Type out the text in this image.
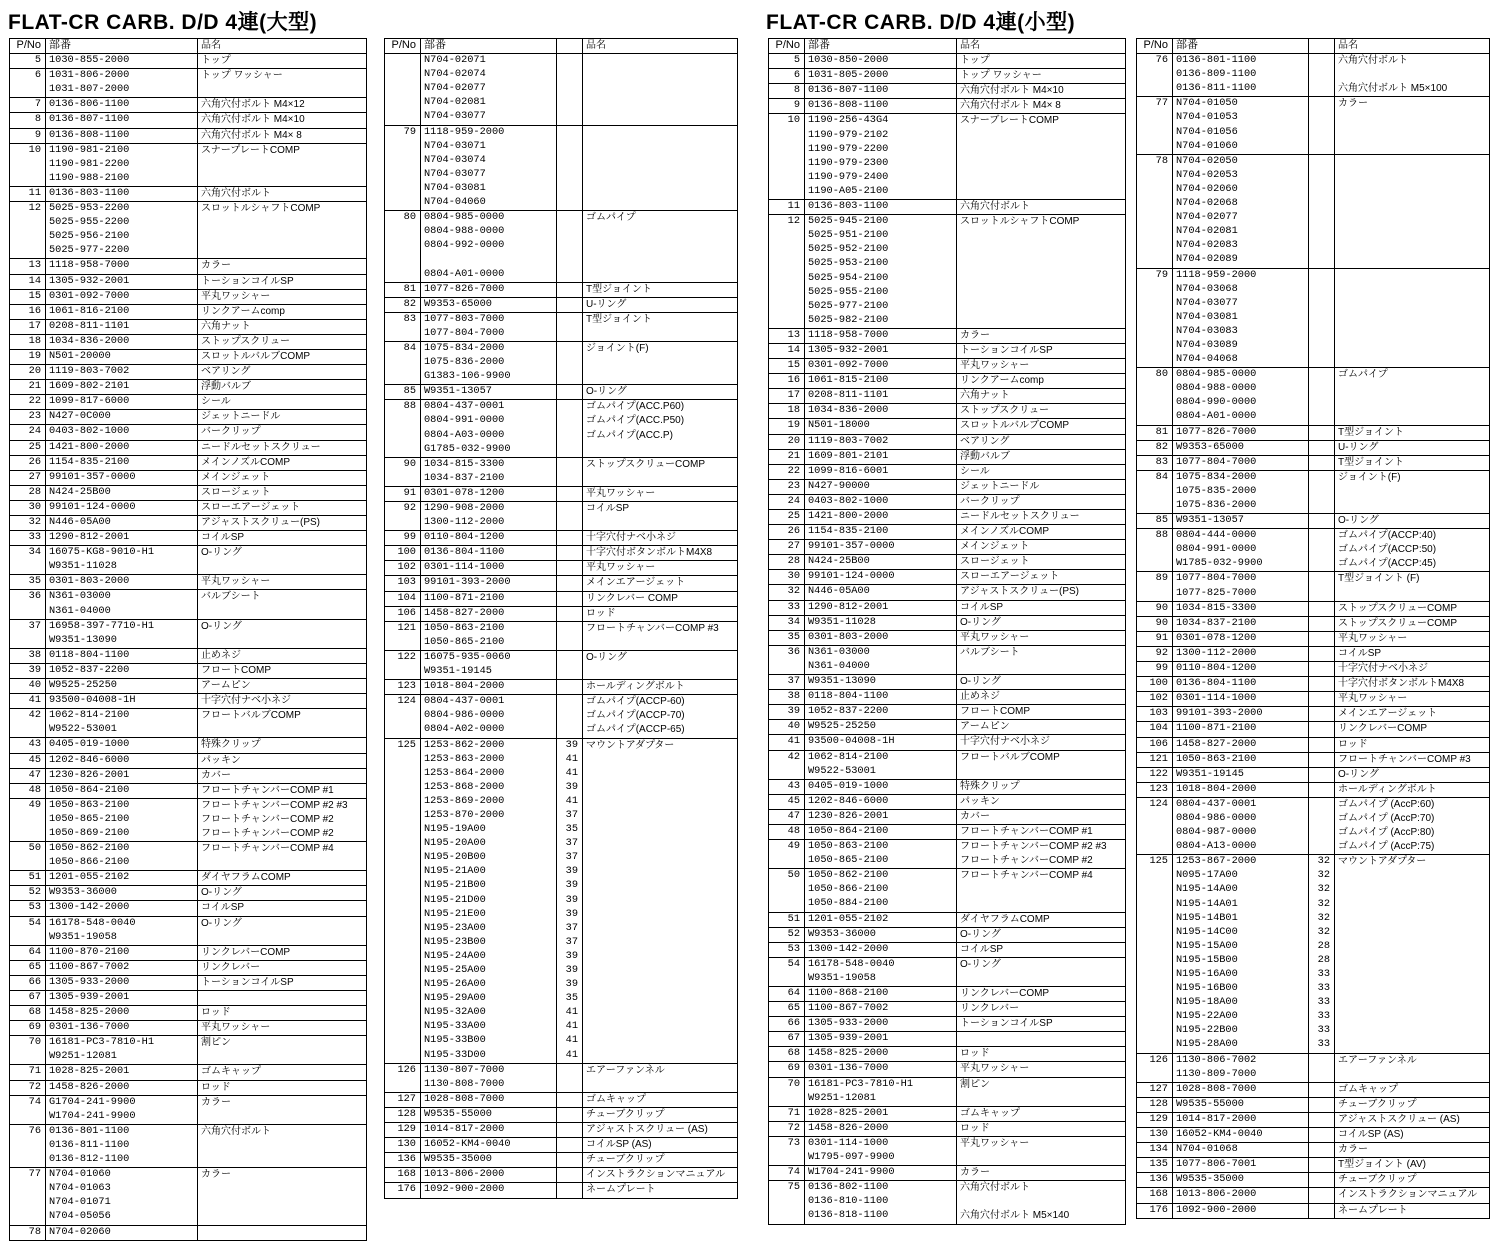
FLAT-CR CARB. D/D 4連(大型)	FLAT-CR CARB. D/D 4連(小型)
P/No 部番	品名
5 1030-855-2000	トップ
6 1031-806-2000	トップ ワッシャー
1031-807-2000
7 0136-806-1100	六角穴付ボルト M4×12
8 0136-807-1100	六角穴付ボルト M4×10
9 0136-808-1100	六角穴付ボルト M4× 8
10 1190-981-2100	スナープレートCOMP
1190-981-2200
1190-988-2100
11 0136-803-1100	六角穴付ボルト
12 5025-953-2200	スロットルシャフトCOMP
5025-955-2200
5025-956-2100
5025-977-2200
13 1118-958-7000	カラー
14 1305-932-2001	トーションコイルSP
15 0301-092-7000	平丸ワッシャー
16 1061-816-2100	リンクアームcomp
17 0208-811-1101	六角ナット
18 1034-836-2000	ストップスクリュー
19 N501-20000	スロットルバルブCOMP
20 1119-803-7002	ベアリング
21 1609-802-2101	浮動バルブ
22 1099-817-6000	シール
23 N427-0C000	ジェットニードル
24 0403-802-1000	バークリップ
25 1421-800-2000	ニードルセットスクリュー
26 1154-835-2100	メインノズルCOMP
27 99101-357-0000	メインジェット
28 N424-25B00	スロージェット
30 99101-124-0000	スローエアージェット
32 N446-05A00	アジャストスクリュー(PS)
33 1290-812-2001	コイルSP
34 16075-KG8-9010-H1	O-リング
W9351-11028
35 0301-803-2000	平丸ワッシャー
36 N361-03000	バルブシート
N361-04000
37 16958-397-7710-H1	O-リング
W9351-13090
38 0118-804-1100	止めネジ
39 1052-837-2200	フロートCOMP
40 W9525-25250	アームピン
41 93500-04008-1H	十字穴付ナベ小ネジ
42 1062-814-2100	フロートバルブCOMP
W9522-53001
43 0405-019-1000	特殊クリップ
45 1202-846-6000	パッキン
47 1230-826-2001	カバー
48 1050-864-2100	フロートチャンバーCOMP #1
49 1050-863-2100	フロートチャンバーCOMP #2 #3
1050-865-2100	フロートチャンバーCOMP #2
1050-869-2100	フロートチャンバーCOMP #2
50 1050-862-2100	フロートチャンバーCOMP #4
1050-866-2100
51 1201-055-2102	ダイヤフラムCOMP
52 W9353-36000	O-リング
53 1300-142-2000	コイルSP
54 16178-548-0040	O-リング
W9351-19058
64 1100-870-2100	リンクレバーCOMP
65 1100-867-7002	リンクレバー
66 1305-933-2000	トーションコイルSP
67 1305-939-2001
68 1458-825-2000	ロッド
69 0301-136-7000	平丸ワッシャー
70 16181-PC3-7810-H1	割ピン
W9251-12081
71 1028-825-2001	ゴムキャップ
72 1458-826-2000	ロッド
74 G1704-241-9900	カラー
W1704-241-9900
76 0136-801-1100	六角穴付ボルト
0136-811-1100
0136-812-1100
77 N704-01060	カラー
N704-01063
N704-01071
N704-05056
78 N704-02060
P/No 部番	品名
N704-02071
N704-02074
N704-02077
N704-02081
N704-03077
79 1118-959-2000
N704-03071
N704-03074
N704-03077
N704-03081
N704-04060
80 0804-985-0000	ゴムパイプ
0804-988-0000
0804-992-0000
0804-A01-0000
81 1077-826-7000	T型ジョイント
82 W9353-65000	U-リング
83 1077-803-7000	T型ジョイント
1077-804-7000
84 1075-834-2000	ジョイント(F)
1075-836-2000
G1383-106-9900
85 W9351-13057	O-リング
88 0804-437-0001	ゴムパイプ(ACC.P60)
0804-991-0000	ゴムパイプ(ACC.P50)
0804-A03-0000	ゴムパイプ(ACC.P)
G1785-032-9900
90 1034-815-3300	ストップスクリューCOMP
1034-837-2100
91 0301-078-1200	平丸ワッシャー
92 1290-908-2000	コイルSP
1300-112-2000
99 0110-804-1200	十字穴付ナベ小ネジ
100 0136-804-1100	十字穴付ボタンボルトM4X8
102 0301-114-1000	平丸ワッシャー
103 99101-393-2000	メインエアージェット
104 1100-871-2100	リンクレバー COMP
106 1458-827-2000	ロッド
121 1050-863-2100	フロートチャンバーCOMP #3
1050-865-2100
122 16075-935-0060	O-リング
W9351-19145
123 1018-804-2000	ホールディングボルト
124 0804-437-0001	ゴムパイプ(ACCP-60)
0804-986-0000	ゴムパイプ(ACCP-70)
0804-A02-0000	ゴムパイプ(ACCP-65)
125 1253-862-2000	39 マウントアダプター
1253-863-2000	41
1253-864-2000	41
1253-868-2000	39
1253-869-2000	41
1253-870-2000	37
N195-19A00	35
N195-20A00	37
N195-20B00	37
N195-21A00	39
N195-21B00	39
N195-21D00	39
N195-21E00	39
N195-23A00	37
N195-23B00	37
N195-24A00	39
N195-25A00	39
N195-26A00	39
N195-29A00	35
N195-32A00	41
N195-33A00	41
N195-33B00	41
N195-33D00	41
126 1130-807-7000	エアーファンネル
1130-808-7000
127 1028-808-7000	ゴムキャップ
128 W9535-55000	チューブクリップ
129 1014-817-2000	アジャストスクリュー (AS)
130 16052-KM4-0040	コイルSP (AS)
136 W9535-35000	チューブクリップ
168 1013-806-2000	インストラクションマニュアル
176 1092-900-2000	ネームプレート
P/No 部番	品名
5 1030-850-2000	トップ
6 1031-805-2000	トップ ワッシャー
8 0136-807-1100	六角穴付ボルト M4×10
9 0136-808-1100	六角穴付ボルト M4× 8
10 1190-256-43G4	スナーブレートCOMP
1190-979-2102
1190-979-2200
1190-979-2300
1190-979-2400
1190-A05-2100
11 0136-803-1100	六角穴付ボルト
12 5025-945-2100	スロットルシャフトCOMP
5025-951-2100
5025-952-2100
5025-953-2100
5025-954-2100
5025-955-2100
5025-977-2100
5025-982-2100
13 1118-958-7000	カラー
14 1305-932-2001	トーションコイルSP
15 0301-092-7000	平丸ワッシャー
16 1061-815-2100	リンクアームcomp
17 0208-811-1101	六角ナット
18 1034-836-2000	ストップスクリュー
19 N501-18000	スロットルバルブCOMP
20 1119-803-7002	ベアリング
21 1609-801-2101	浮動バルブ
22 1099-816-6001	シール
23 N427-90000	ジェットニードル
24 0403-802-1000	バークリップ
25 1421-800-2000	ニードルセットスクリュー
26 1154-835-2100	メインノズルCOMP
27 99101-357-0000	メインジェット
28 N424-25B00	スロージェット
30 99101-124-0000	スローエアージェット
32 N446-05A00	アジャストスクリュー(PS)
33 1290-812-2001	コイルSP
34 W9351-11028	O-リング
35 0301-803-2000	平丸ワッシャー
36 N361-03000	バルブシート
N361-04000
37 W9351-13090	O-リング
38 0118-804-1100	止めネジ
39 1052-837-2200	フロートCOMP
40 W9525-25250	アームピン
41 93500-04008-1H	十字穴付ナベ小ネジ
42 1062-814-2100	フロートバルブCOMP
W9522-53001
43 0405-019-1000	特殊クリップ
45 1202-846-6000	パッキン
47 1230-826-2001	カバー
48 1050-864-2100	フロートチャンバーCOMP #1
49 1050-863-2100	フロートチャンバーCOMP #2 #3
1050-865-2100	フロートチャンバーCOMP #2
50 1050-862-2100	フロートチャンバーCOMP #4
1050-866-2100
1050-884-2100
51 1201-055-2102	ダイヤフラムCOMP
52 W9353-36000	O-リング
53 1300-142-2000	コイルSP
54 16178-548-0040	O-リング
W9351-19058
64 1100-868-2100	リンクレバーCOMP
65 1100-867-7002	リンクレバー
66 1305-933-2000	トーションコイルSP
67 1305-939-2001
68 1458-825-2000	ロッド
69 0301-136-7000	平丸ワッシャー
70 16181-PC3-7810-H1	割ピン
W9251-12081
71 1028-825-2001	ゴムキャップ
72 1458-826-2000	ロッド
73 0301-114-1000	平丸ワッシャー
W1795-097-9900
74 W1704-241-9900	カラー
75 0136-802-1100	六角穴付ボルト
0136-810-1100
0136-818-1100	六角穴付ボルト M5×140
P/No 部番	品名
76 0136-801-1100	六角穴付ボルト
0136-809-1100
0136-811-1100	六角穴付ボルト M5×100
77 N704-01050	カラー
N704-01053
N704-01056
N704-01060
78 N704-02050
N704-02053
N704-02060
N704-02068
N704-02077
N704-02081
N704-02083
N704-02089
79 1118-959-2000
N704-03068
N704-03077
N704-03081
N704-03083
N704-03089
N704-04068
80 0804-985-0000	ゴムパイプ
0804-988-0000
0804-990-0000
0804-A01-0000
81 1077-826-7000	T型ジョイント
82 W9353-65000	U-リング
83 1077-804-7000	T型ジョイント
84 1075-834-2000	ジョイント(F)
1075-835-2000
1075-836-2000
85 W9351-13057	O-リング
88 0804-444-0000	ゴムパイプ(ACCP:40)
0804-991-0000	ゴムパイプ(ACCP:50)
W1785-032-9900	ゴムパイプ(ACCP:45)
89 1077-804-7000	T型ジョイント (F)
1077-825-7000
90 1034-815-3300	ストップスクリューCOMP
90 1034-837-2100	ストップスクリューCOMP
91 0301-078-1200	平丸ワッシャー
92 1300-112-2000	コイルSP
99 0110-804-1200	十字穴付ナベ小ネジ
100 0136-804-1100	十字穴付ボタンボルトM4X8
102 0301-114-1000	平丸ワッシャー
103 99101-393-2000	メインエアージェット
104 1100-871-2100	リンクレバーCOMP
106 1458-827-2000	ロッド
121 1050-863-2100	フロートチャンバーCOMP #3
122 W9351-19145	O-リング
123 1018-804-2000	ホールディングボルト
124 0804-437-0001	ゴムパイプ (AccP:60)
0804-986-0000	ゴムパイプ (AccP:70)
0804-987-0000	ゴムパイプ (AccP:80)
0804-A13-0000	ゴムパイプ (AccP:75)
125 1253-867-2000	32 マウントアダプター
N095-17A00	32
N195-14A00	32
N195-14A01	32
N195-14B01	32
N195-14C00	32
N195-15A00	28
N195-15B00	28
N195-16A00	33
N195-16B00	33
N195-18A00	33
N195-22A00	33
N195-22B00	33
N195-28A00	33
126 1130-806-7002	エアーファンネル
1130-809-7000
127 1028-808-7000	ゴムキャップ
128 W9535-55000	チューブクリップ
129 1014-817-2000	アジャストスクリュー (AS)
130 16052-KM4-0040	コイルSP (AS)
134 N704-01068	カラー
135 1077-806-7001	T型ジョイント (AV)
136 W9535-35000	チューブクリップ
168 1013-806-2000	インストラクションマニュアル
176 1092-900-2000	ネームプレート
